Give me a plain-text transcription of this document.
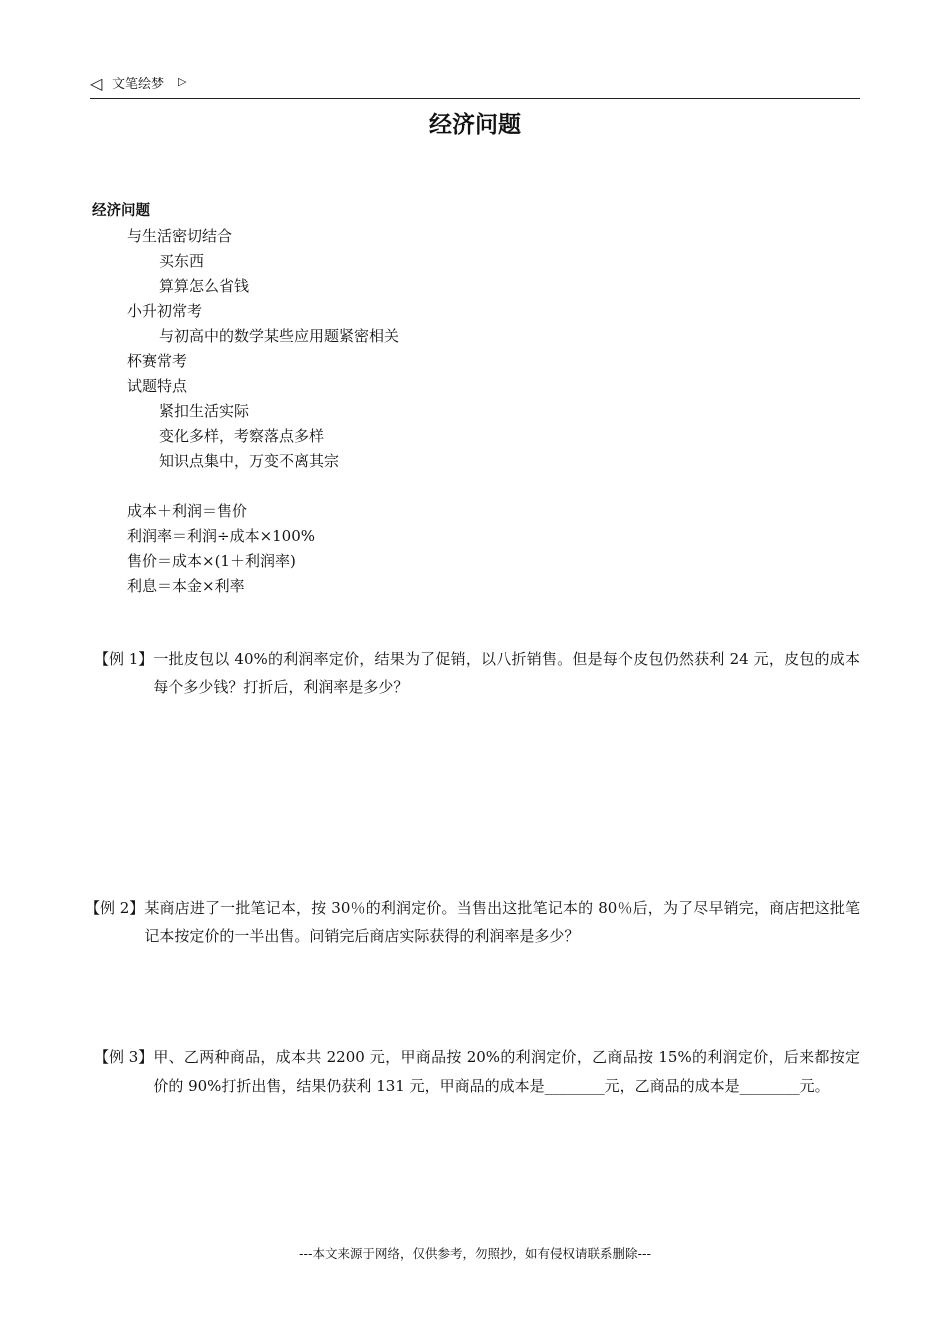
◁ 文笔绘梦 ▷
经济问题
经济问题
与生活密切结合
买东西
算算怎么省钱
小升初常考
与初高中的数学某些应用题紧密相关
杯赛常考
试题特点
紧扣生活实际
变化多样，考察落点多样
知识点集中，万变不离其宗
成本＋利润＝售价
利润率＝利润÷成本×100%
售价＝成本×(1＋利润率)
利息＝本金×利率
【例 1】 一批皮包以 40%的利润率定价，结果为了促销，以八折销售。但是每个皮包仍然获利 24 元，皮包的成本每个多少钱？打折后，利润率是多少？
【例 2】 某商店进了一批笔记本，按 30％的利润定价。当售出这批笔记本的 80％后，为了尽早销完，商店把这批笔记本按定价的一半出售。问销完后商店实际获得的利润率是多少？
【例 3】 甲、乙两种商品，成本共 2200 元，甲商品按 20%的利润定价，乙商品按 15%的利润定价，后来都按定价的 90%打折出售，结果仍获利 131 元，甲商品的成本是________元，乙商品的成本是________元。
---本文来源于网络，仅供参考，勿照抄，如有侵权请联系删除---
